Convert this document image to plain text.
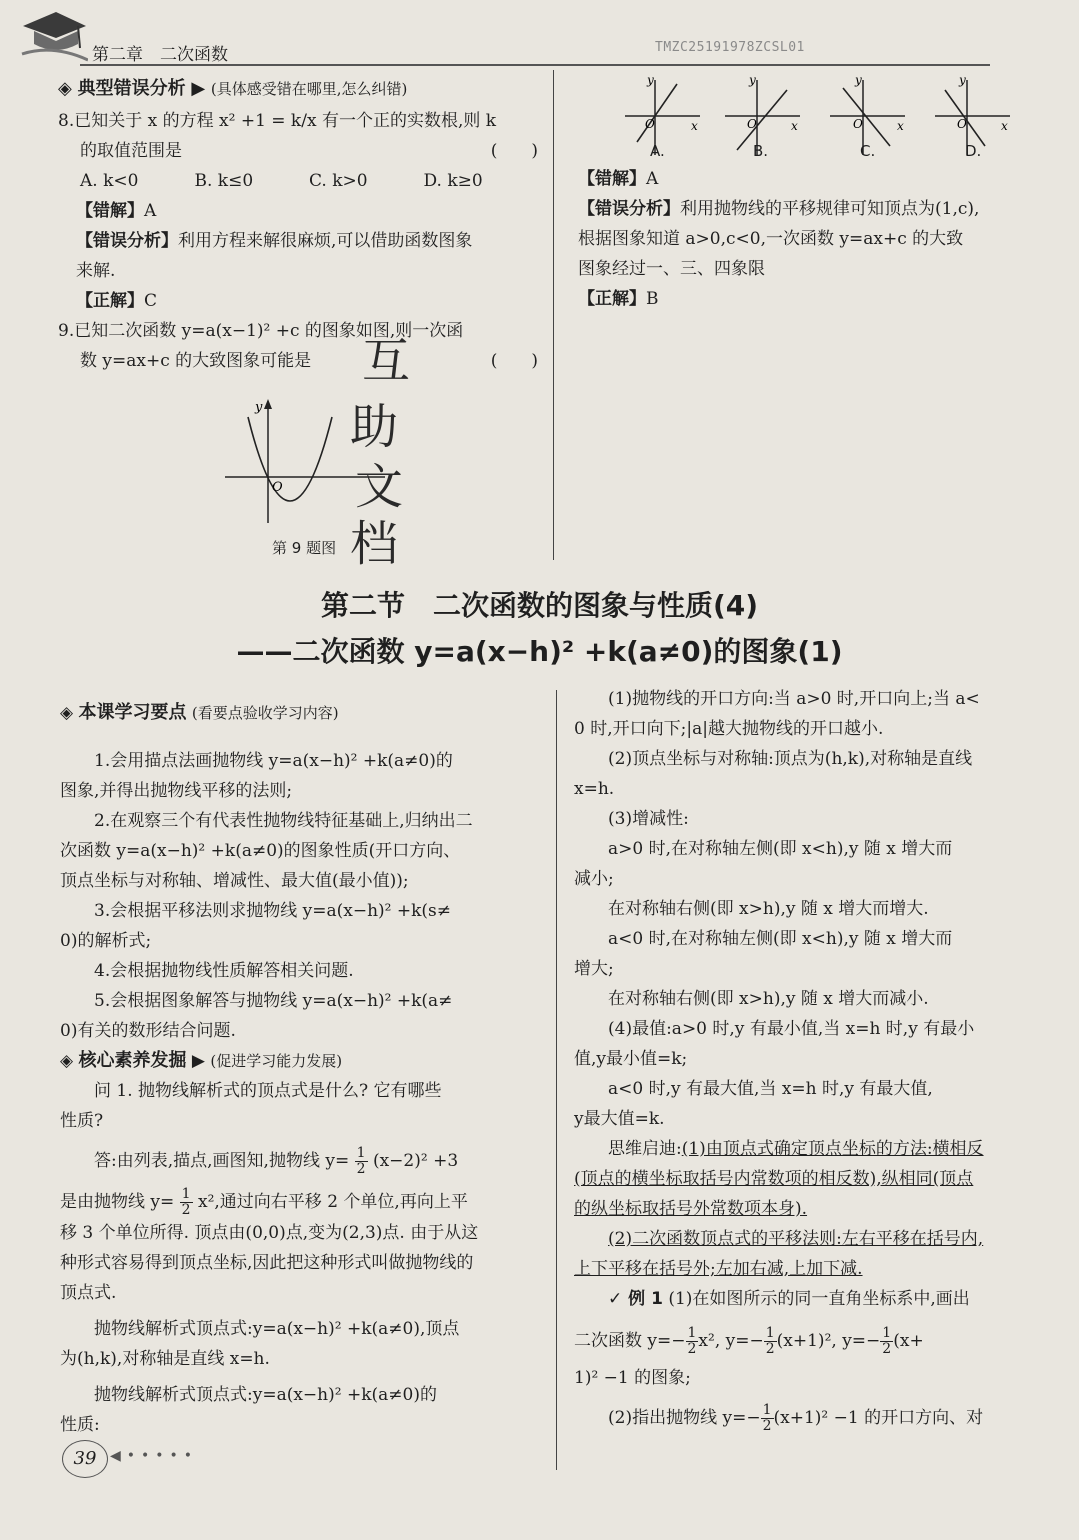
第二章　二次函数	TMZC25191978ZCSL01
◈ 典型错误分析 ▶ (具体感受错在哪里,怎么纠错)
8.已知关于 x 的方程 x² +1 = k/x 有一个正的实数根,则 k
的取值范围是	(　　)
A. k<0	B. k≤0	C. k>0	D. k≥0
【错解】A
【错误分析】利用方程来解很麻烦,可以借助函数图象
来解.
【正解】C
9.已知二次函数 y=a(x−1)² +c 的图象如图,则一次函
数 y=ax+c 的大致图象可能是	(　　)
y
O
第 9 题图
互
助
文
档
y
x
O
y
x
O
y
x
O
y
x
O
A.	B.	C.	D.
【错解】A
【错误分析】利用抛物线的平移规律可知顶点为(1,c),
根据图象知道 a>0,c<0,一次函数 y=ax+c 的大致
图象经过一、三、四象限
【正解】B
第二节　二次函数的图象与性质(4)
——二次函数 y=a(x−h)² +k(a≠0)的图象(1)
◈ 本课学习要点 (看要点验收学习内容)
1.会用描点法画抛物线 y=a(x−h)² +k(a≠0)的
图象,并得出抛物线平移的法则;
2.在观察三个有代表性抛物线特征基础上,归纳出二
次函数 y=a(x−h)² +k(a≠0)的图象性质(开口方向、
顶点坐标与对称轴、增减性、最大值(最小值));
3.会根据平移法则求抛物线 y=a(x−h)² +k(s≠
0)的解析式;
4.会根据抛物线性质解答相关问题.
5.会根据图象解答与抛物线 y=a(x−h)² +k(a≠
0)有关的数形结合问题.
◈ 核心素养发掘 ▶ (促进学习能力发展)
问 1. 抛物线解析式的顶点式是什么? 它有哪些
性质?
答:由列表,描点,画图知,抛物线 $y= \frac{1}{2} (x-2)^2 +3$
是由抛物线 $y= \frac{1}{2} x^2$,通过向右平移 2 个单位,再向上平
移 3 个单位所得. 顶点由(0,0)点,变为(2,3)点. 由于从这
种形式容易得到顶点坐标,因此把这种形式叫做抛物线的
顶点式.
抛物线解析式顶点式:y=a(x−h)² +k(a≠0),顶点
为(h,k),对称轴是直线 x=h.
抛物线解析式顶点式:y=a(x−h)² +k(a≠0)的
性质:
(1)抛物线的开口方向:当 a>0 时,开口向上;当 a<
0 时,开口向下;|a|越大抛物线的开口越小.
(2)顶点坐标与对称轴:顶点为(h,k),对称轴是直线
x=h.
(3)增减性:
a>0 时,在对称轴左侧(即 x<h),y 随 x 增大而
减小;
在对称轴右侧(即 x>h),y 随 x 增大而增大.
a<0 时,在对称轴左侧(即 x<h),y 随 x 增大而
增大;
在对称轴右侧(即 x>h),y 随 x 增大而减小.
(4)最值:a>0 时,y 有最小值,当 x=h 时,y 有最小
值,y最小值=k;
a<0 时,y 有最大值,当 x=h 时,y 有最大值,
y最大值=k.
思维启迪:(1)由顶点式确定顶点坐标的方法:横相反
(顶点的横坐标取括号内常数项的相反数),纵相同(顶点
的纵坐标取括号外常数项本身).
(2)二次函数顶点式的平移法则:左右平移在括号内,
上下平移在括号外;左加右减,上加下减.
✓ 例 1 (1)在如图所示的同一直角坐标系中,画出
二次函数 $y=- \frac{1}{2} x^2$, $y=- \frac{1}{2} (x+1)^2$, $y=- \frac{1}{2} (x+$
1)² −1 的图象;
(2)指出抛物线 $y=- \frac{1}{2} (x+1)^2 -1$ 的开口方向、对
39 ◀•••••
